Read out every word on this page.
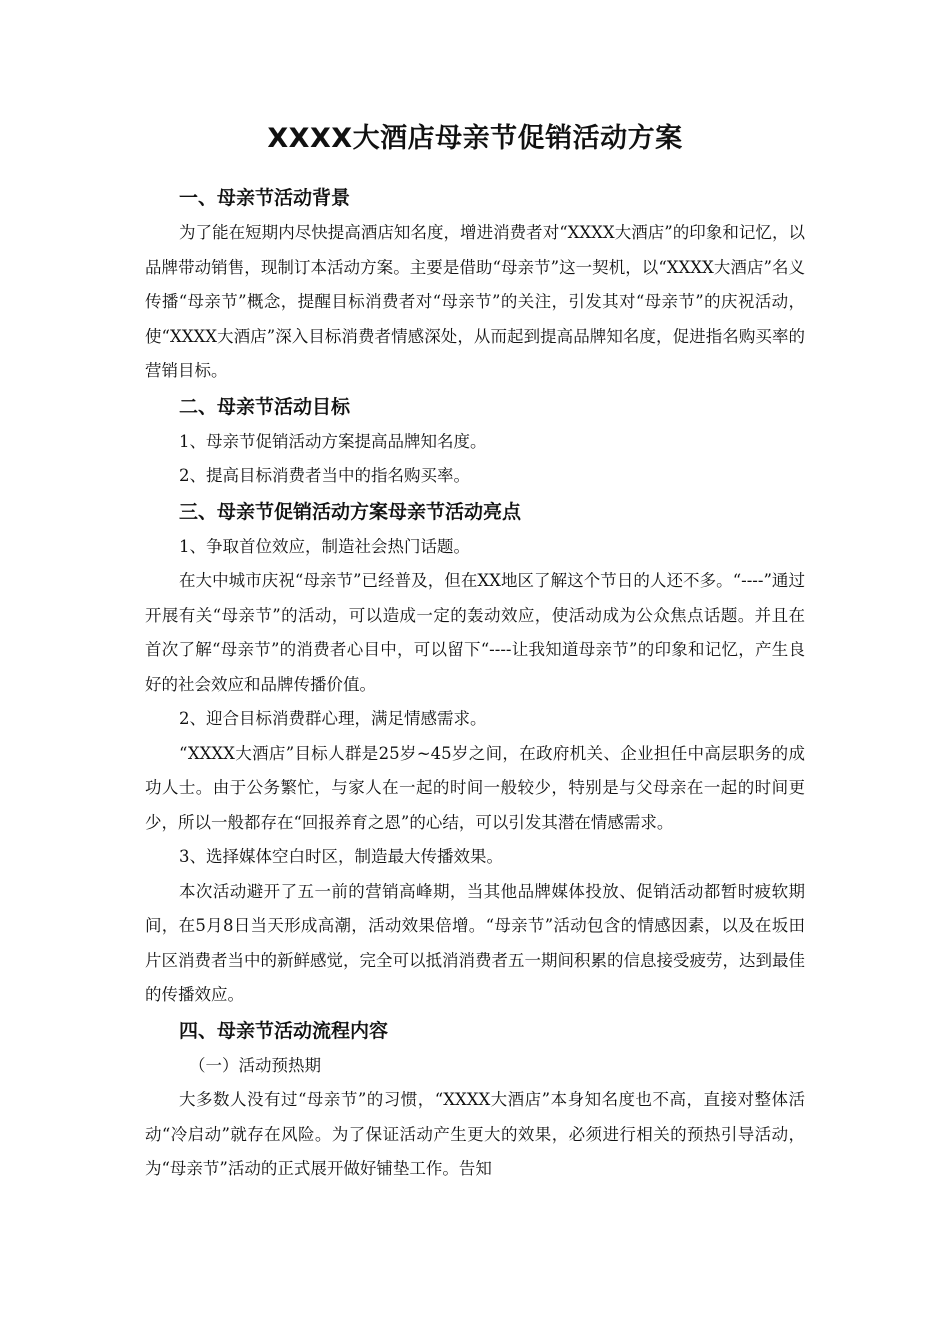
XXXX大酒店母亲节促销活动方案
一、母亲节活动背景

为了能在短期内尽快提高酒店知名度，增进消费者对“XXXX大酒店”的印象和记忆，以品牌带动销售，现制订本活动方案。主要是借助“母亲节”这一契机，以“XXXX大酒店”名义传播“母亲节”概念，提醒目标消费者对“母亲节”的关注，引发其对“母亲节”的庆祝活动，使“XXXX大酒店”深入目标消费者情感深处，从而起到提高品牌知名度，促进指名购买率的营销目标。

二、母亲节活动目标

1、母亲节促销活动方案提高品牌知名度。

2、提高目标消费者当中的指名购买率。

三、母亲节促销活动方案母亲节活动亮点

1、争取首位效应，制造社会热门话题。

在大中城市庆祝“母亲节”已经普及，但在XX地区了解这个节日的人还不多。“----”通过开展有关“母亲节”的活动，可以造成一定的轰动效应，使活动成为公众焦点话题。并且在首次了解“母亲节”的消费者心目中，可以留下“----让我知道母亲节”的印象和记忆，产生良好的社会效应和品牌传播价值。

2、迎合目标消费群心理，满足情感需求。

“XXXX大酒店”目标人群是25岁~45岁之间，在政府机关、企业担任中高层职务的成功人士。由于公务繁忙，与家人在一起的时间一般较少，特别是与父母亲在一起的时间更少，所以一般都存在“回报养育之恩”的心结，可以引发其潜在情感需求。

3、选择媒体空白时区，制造最大传播效果。

本次活动避开了五一前的营销高峰期，当其他品牌媒体投放、促销活动都暂时疲软期间，在5月8日当天形成高潮，活动效果倍增。“母亲节”活动包含的情感因素，以及在坂田片区消费者当中的新鲜感觉，完全可以抵消消费者五一期间积累的信息接受疲劳，达到最佳的传播效应。

四、母亲节活动流程内容

（一）活动预热期

大多数人没有过“母亲节”的习惯，“XXXX大酒店”本身知名度也不高，直接对整体活动“冷启动”就存在风险。为了保证活动产生更大的效果，必须进行相关的预热引导活动，为“母亲节”活动的正式展开做好铺垫工作。告知
